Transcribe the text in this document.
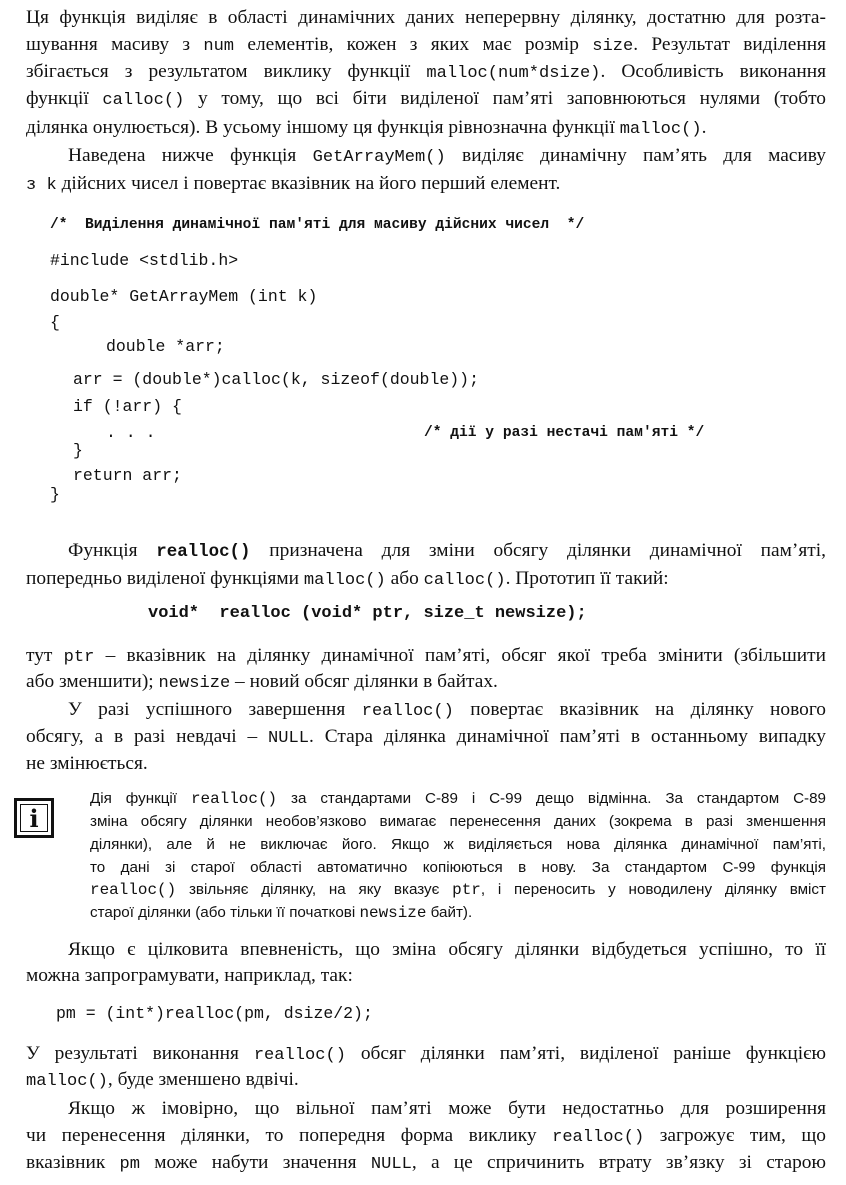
Ця функція виділяє в області динамічних даних неперервну ділянку, достатню для розта-
шування масиву з num елементів, кожен з яких має розмір size. Результат виділення
збігається з результатом виклику функції malloc(num*dsize). Особливість виконання
функції calloc() у тому, що всі біти виділеної пам’яті заповнюються нулями (тобто
ділянка онулюється). В усьому іншому ця функція рівнозначна функції malloc().
Наведена нижче функція GetArrayMem() виділяє динамічну пам’ять для масиву
з k дійсних чисел і повертає вказівник на його перший елемент.
/*  Виділення динамічної пам'яті для масиву дійсних чисел  */
#include <stdlib.h>
double* GetArrayMem (int k)
{
double *arr;
arr = (double*)calloc(k, sizeof(double));
if (!arr) {
. . .	/* дії у разі нестачі пам'яті */
}
return arr;
}
Функція realloc() призначена для зміни обсягу ділянки динамічної пам’яті,
попередньо виділеної функціями malloc() або calloc(). Прототип її такий:
void*  realloc (void* ptr, size_t newsize);
тут ptr – вказівник на ділянку динамічної пам’яті, обсяг якої треба змінити (збільшити
або зменшити); newsize – новий обсяг ділянки в байтах.
У разі успішного завершення realloc() повертає вказівник на ділянку нового
обсягу, а в разі невдачі – NULL. Стара ділянка динамічної пам’яті в останньому випадку
не змінюється.
i
Дія функції realloc() за стандартами С-89 і С-99 дещо відмінна. За стандартом С-89
зміна обсягу ділянки необов’язково вимагає перенесення даних (зокрема в разі зменшення
ділянки), але й не виключає його. Якщо ж виділяється нова ділянка динамічної пам’яті,
то дані зі старої області автоматично копіюються в нову. За стандартом С-99 функція
realloc() звільняє ділянку, на яку вказує ptr, і переносить у новодилену ділянку вміст
старої ділянки (або тільки її початкові newsize байт).
Якщо є цілковита впевненість, що зміна обсягу ділянки відбудеться успішно, то її
можна запрограмувати, наприклад, так:
pm = (int*)realloc(pm, dsize/2);
У результаті виконання realloc() обсяг ділянки пам’яті, виділеної раніше функцією
malloc(), буде зменшено вдвічі.
Якщо ж імовірно, що вільної пам’яті може бути недостатньо для розширення
чи перенесення ділянки, то попередня форма виклику realloc() загрожує тим, що
вказівник pm може набути значення NULL, а це спричинить втрату зв’язку зі старою
